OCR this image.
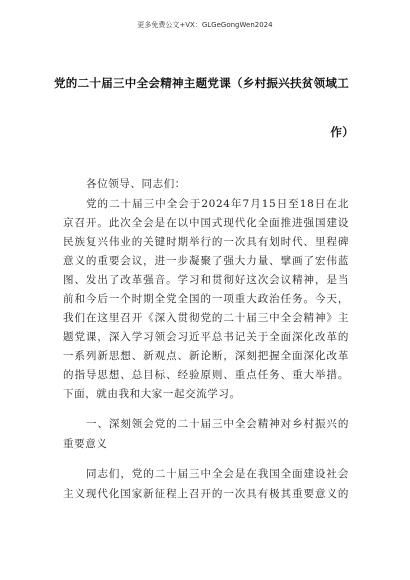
更多免费公文+VX：GLGeGongWen2024
党的二十届三中全会精神主题党课（乡村振兴扶贫领域工
作）
各位领导、同志们：
党的二十届三中全会于2024年7月15日至18日在北
京召开。此次全会是在以中国式现代化全面推进强国建设
民族复兴伟业的关键时期举行的一次具有划时代、里程碑
意义的重要会议，进一步凝聚了强大力量、擘画了宏伟蓝
图、发出了改革强音。学习和贯彻好这次会议精神，是当
前和今后一个时期全党全国的一项重大政治任务。今天，
我们在这里召开《深入贯彻党的二十届三中全会精神》主
题党课，深入学习领会习近平总书记关于全面深化改革的
一系列新思想、新观点、新论断，深刻把握全面深化改革
的指导思想、总目标、经验原则、重点任务、重大举措。
下面，就由我和大家一起交流学习。
一、深刻领会党的二十届三中全会精神对乡村振兴的
重要意义
同志们，党的二十届三中全会是在我国全面建设社会
主义现代化国家新征程上召开的一次具有极其重要意义的
